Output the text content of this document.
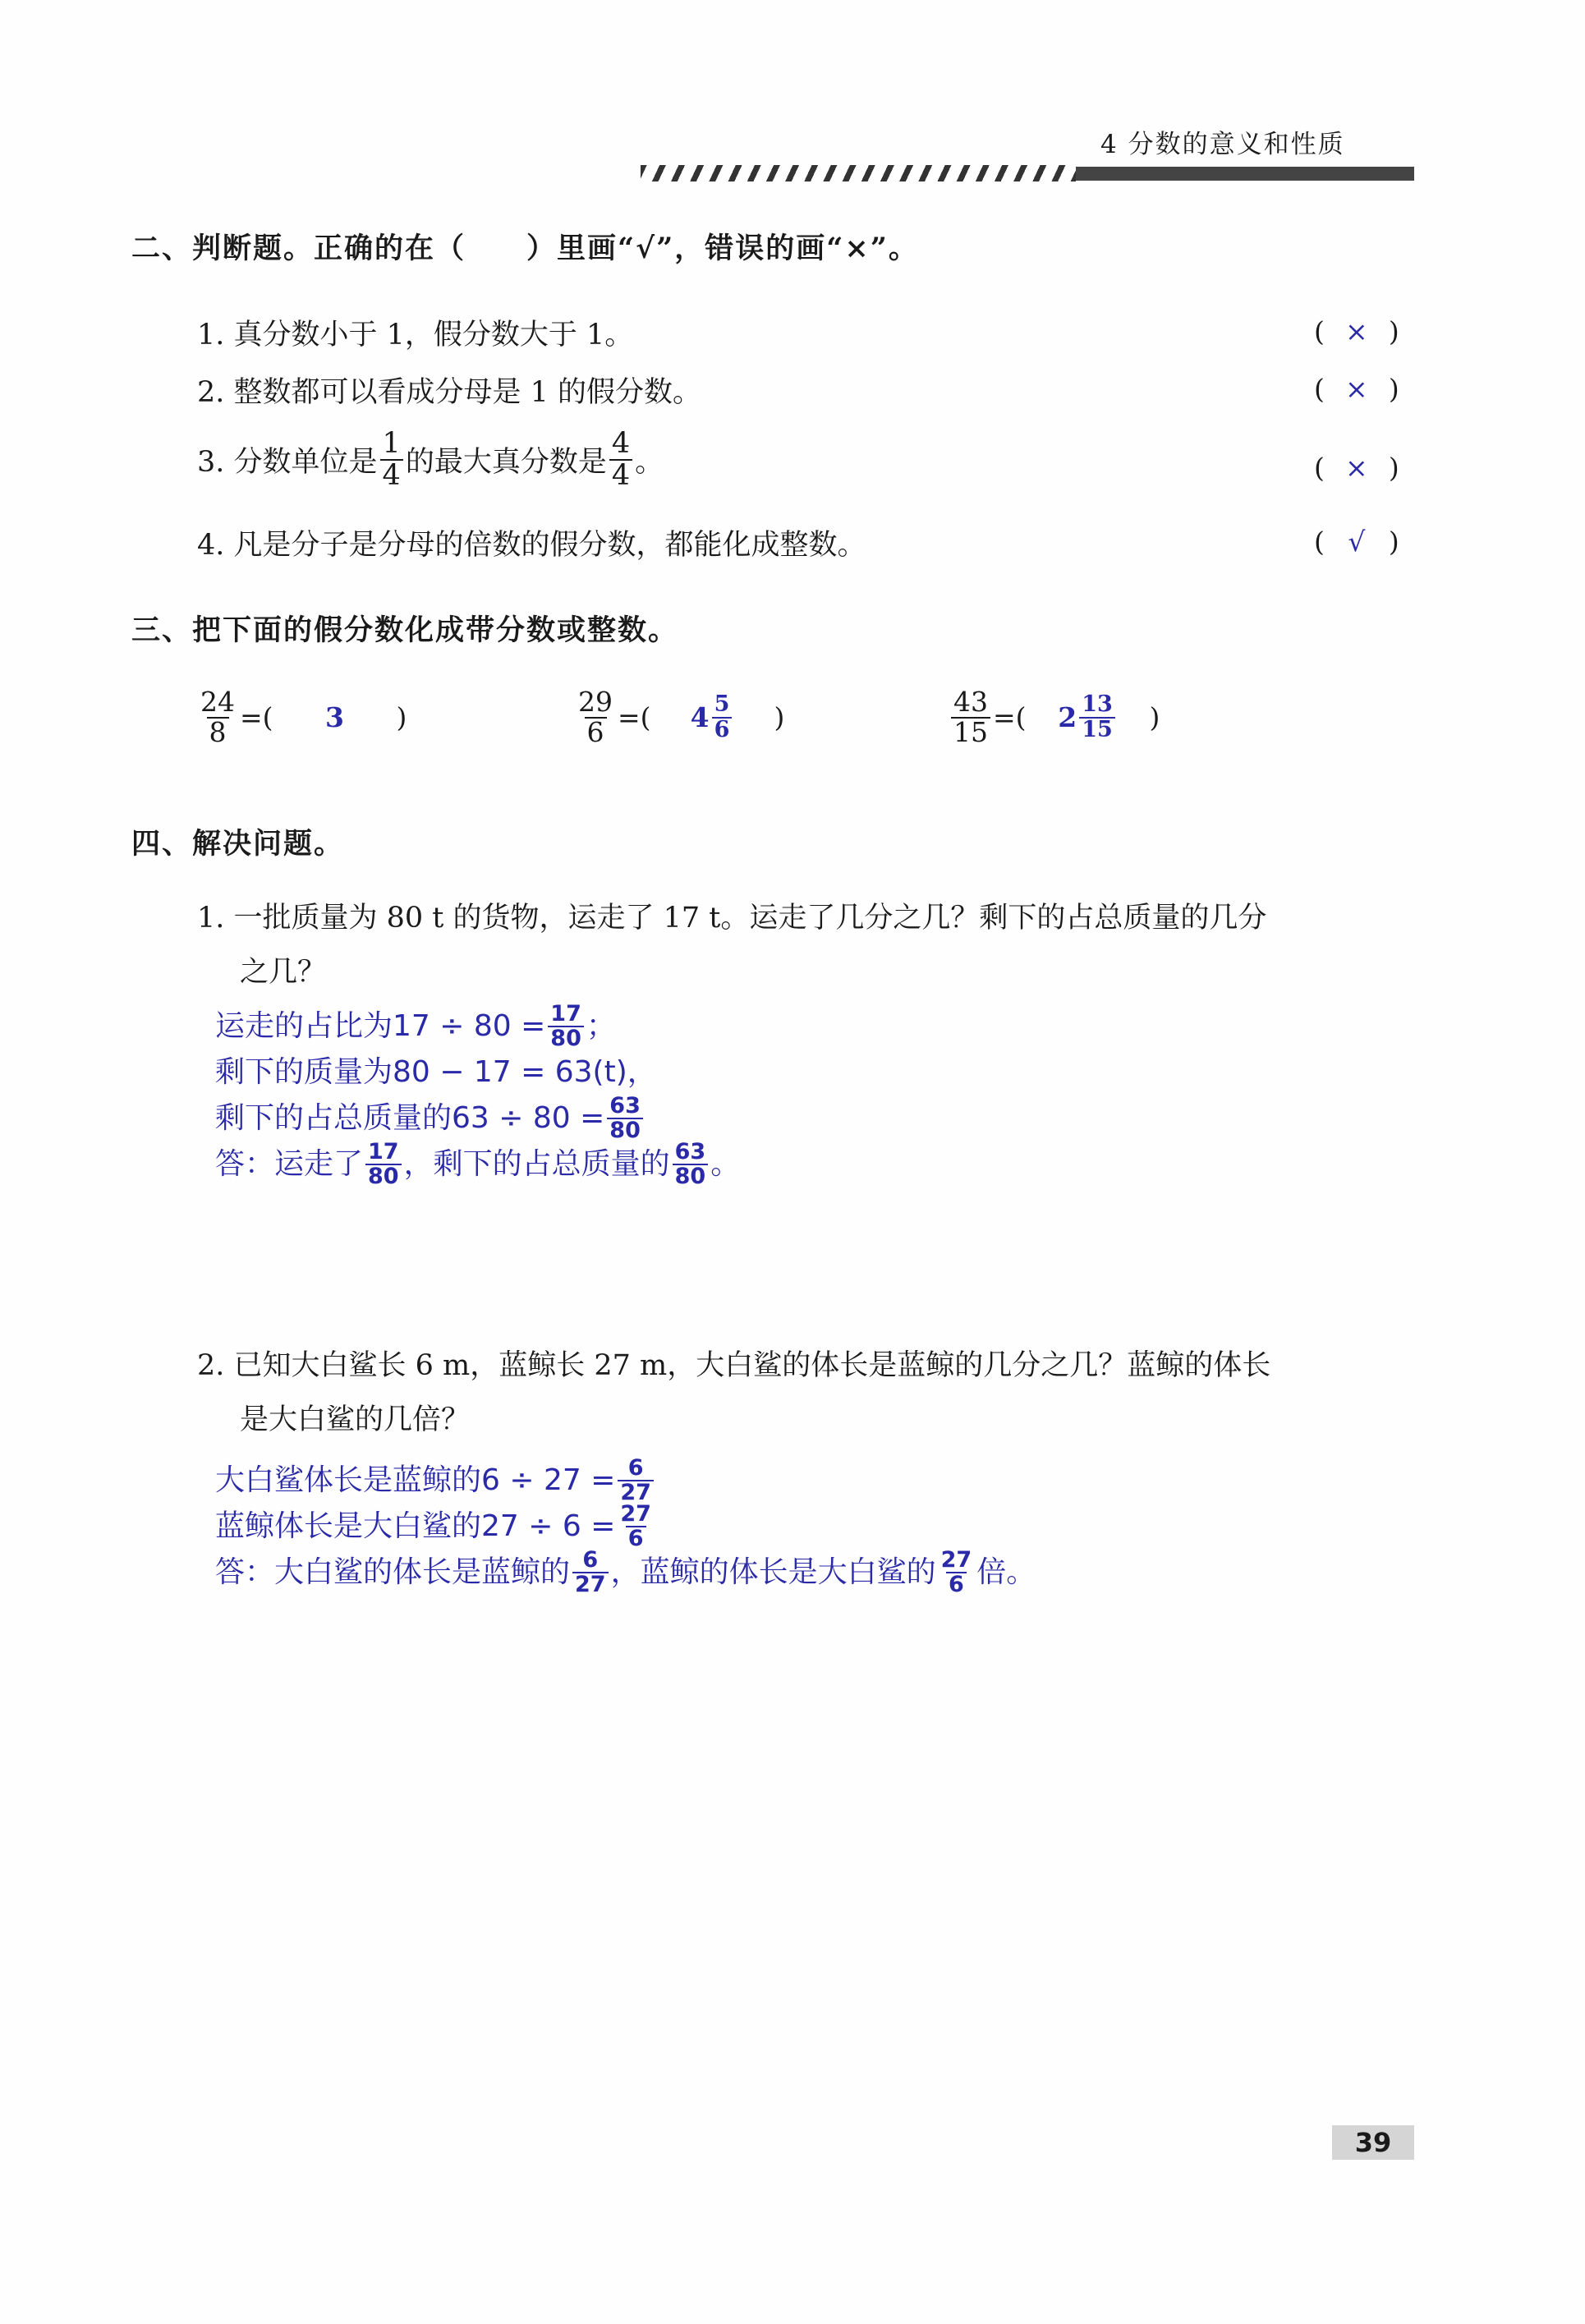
4 分数的意义和性质
二、判断题。正确的在（　　）里画“√”，错误的画“×”。
1. 真分数小于 1，假分数大于 1。	( × )
2. 整数都可以看成分母是 1 的假分数。	( × )
3. 分数单位是 $\frac{1}{4}$ 的最大真分数是 $\frac{4}{4}$ 。	( × )
4. 凡是分子是分母的倍数的假分数，都能化成整数。	( √ )
三、把下面的假分数化成带分数或整数。
$\frac{24}{8}$ =( 3 )	$\frac{29}{6}$ =( $4 \frac{5}{6}$ )	$\frac{43}{15}$ =( $2 \frac{13}{15}$ )
四、解决问题。
1. 一批质量为 80 t 的货物，运走了 17 t。运走了几分之几？剩下的占总质量的几分
之几？
运走的占比为$17 \div 80 = \frac{17}{80}$ ；
剩下的质量为80 − 17 = 63(t)，
剩下的占总质量的$63 \div 80 = \frac{63}{80}$
答：运走了 $\frac{17}{80}$ ，剩下的占总质量的 $\frac{63}{80}$ 。
2. 已知大白鲨长 6 m，蓝鲸长 27 m，大白鲨的体长是蓝鲸的几分之几？蓝鲸的体长
是大白鲨的几倍？
大白鲨体长是蓝鲸的$6 \div 27 = \frac{6}{27}$
蓝鲸体长是大白鲨的$27 \div 6 = \frac{27}{6}$
答：大白鲨的体长是蓝鲸的 $\frac{6}{27}$ ，蓝鲸的体长是大白鲨的 $\frac{27}{6}$ 倍。
39
